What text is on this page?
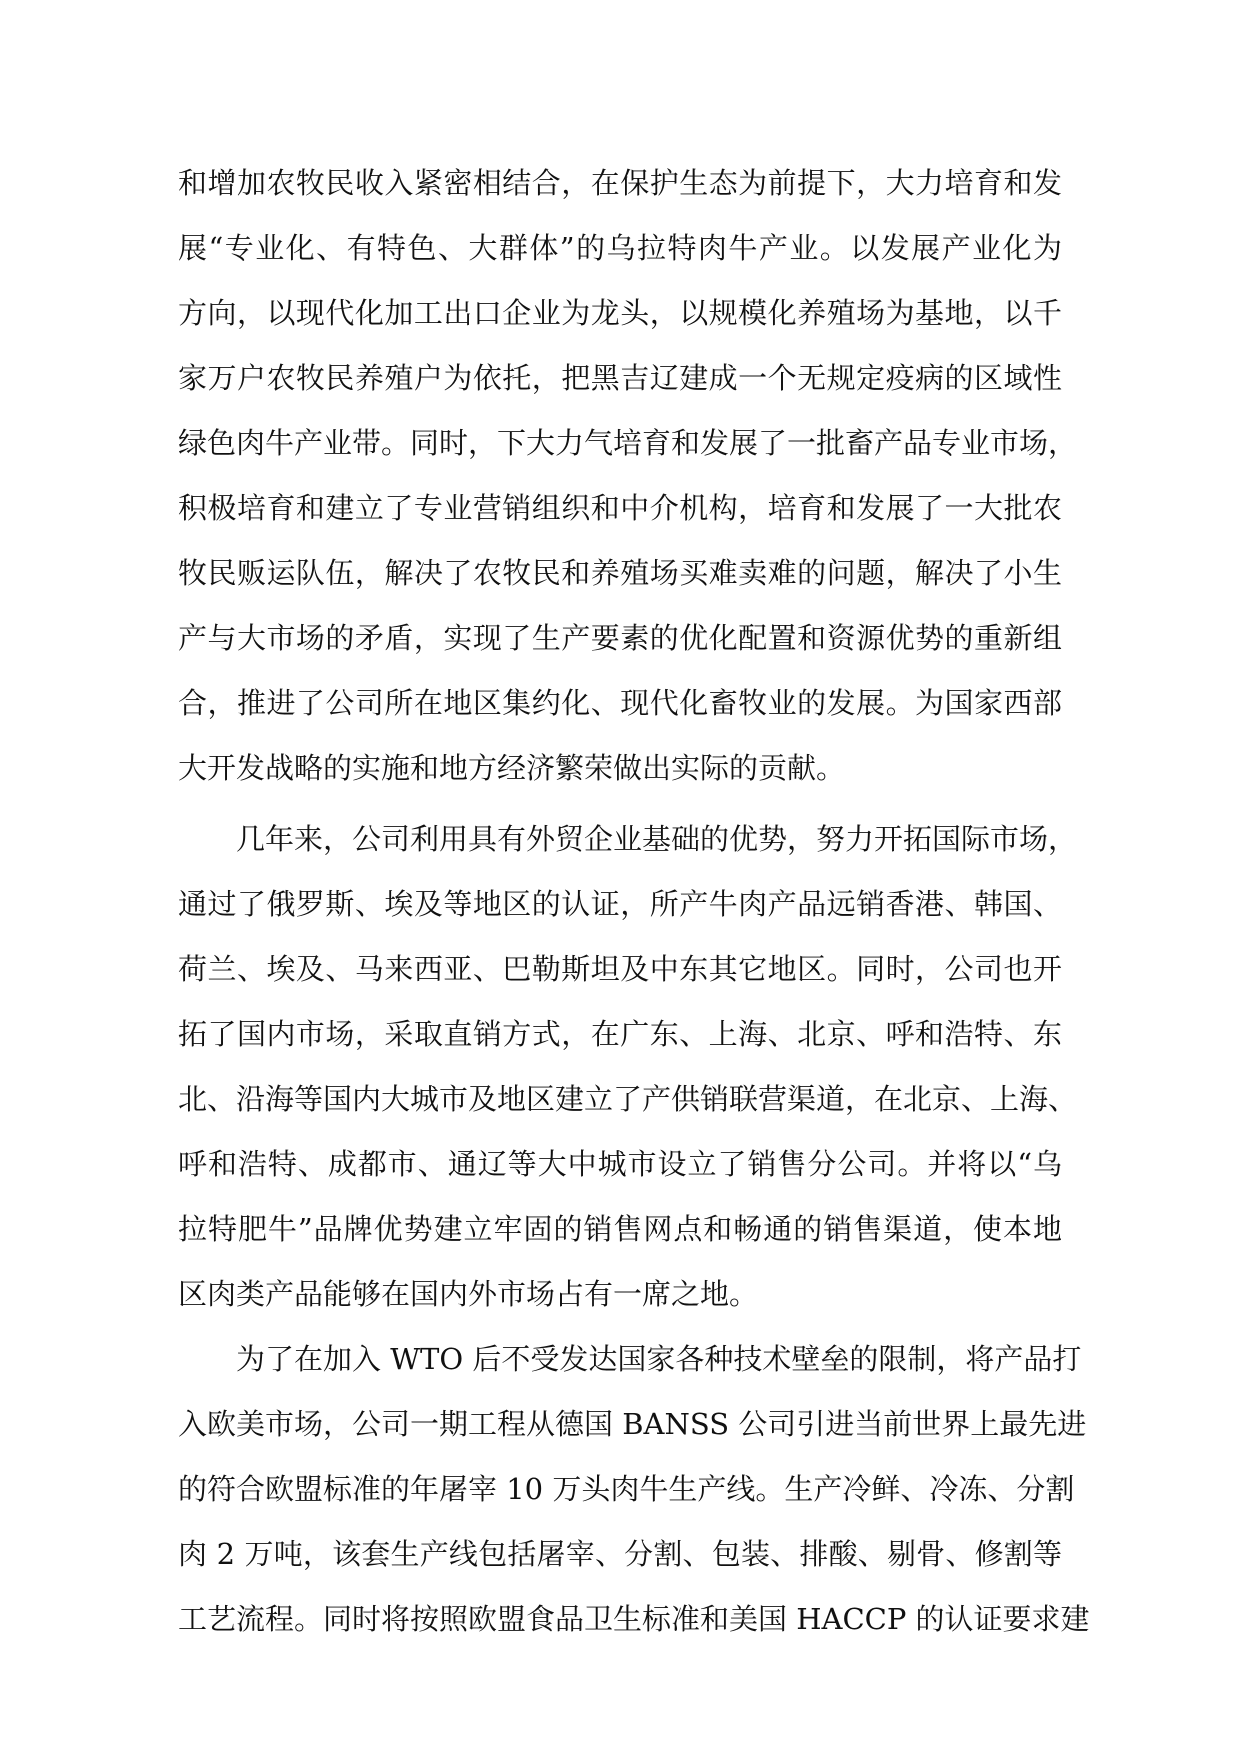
和增加农牧民收入紧密相结合，在保护生态为前提下，大力培育和发
展“专业化、有特色、大群体”的乌拉特肉牛产业。以发展产业化为
方向，以现代化加工出口企业为龙头，以规模化养殖场为基地，以千
家万户农牧民养殖户为依托，把黑吉辽建成一个无规定疫病的区域性
绿色肉牛产业带。同时，下大力气培育和发展了一批畜产品专业市场，
积极培育和建立了专业营销组织和中介机构，培育和发展了一大批农
牧民贩运队伍，解决了农牧民和养殖场买难卖难的问题，解决了小生
产与大市场的矛盾，实现了生产要素的优化配置和资源优势的重新组
合，推进了公司所在地区集约化、现代化畜牧业的发展。为国家西部
大开发战略的实施和地方经济繁荣做出实际的贡献。
几年来，公司利用具有外贸企业基础的优势，努力开拓国际市场，
通过了俄罗斯、埃及等地区的认证，所产牛肉产品远销香港、韩国、
荷兰、埃及、马来西亚、巴勒斯坦及中东其它地区。同时，公司也开
拓了国内市场，采取直销方式，在广东、上海、北京、呼和浩特、东
北、沿海等国内大城市及地区建立了产供销联营渠道，在北京、上海、
呼和浩特、成都市、通辽等大中城市设立了销售分公司。并将以“乌
拉特肥牛”品牌优势建立牢固的销售网点和畅通的销售渠道，使本地
区肉类产品能够在国内外市场占有一席之地。
为了在加入 WTO 后不受发达国家各种技术壁垒的限制，将产品打
入欧美市场，公司一期工程从德国 BANSS 公司引进当前世界上最先进
的符合欧盟标准的年屠宰 10 万头肉牛生产线。生产冷鲜、冷冻、分割
肉 2 万吨，该套生产线包括屠宰、分割、包装、排酸、剔骨、修割等
工艺流程。同时将按照欧盟食品卫生标准和美国 HACCP 的认证要求建
